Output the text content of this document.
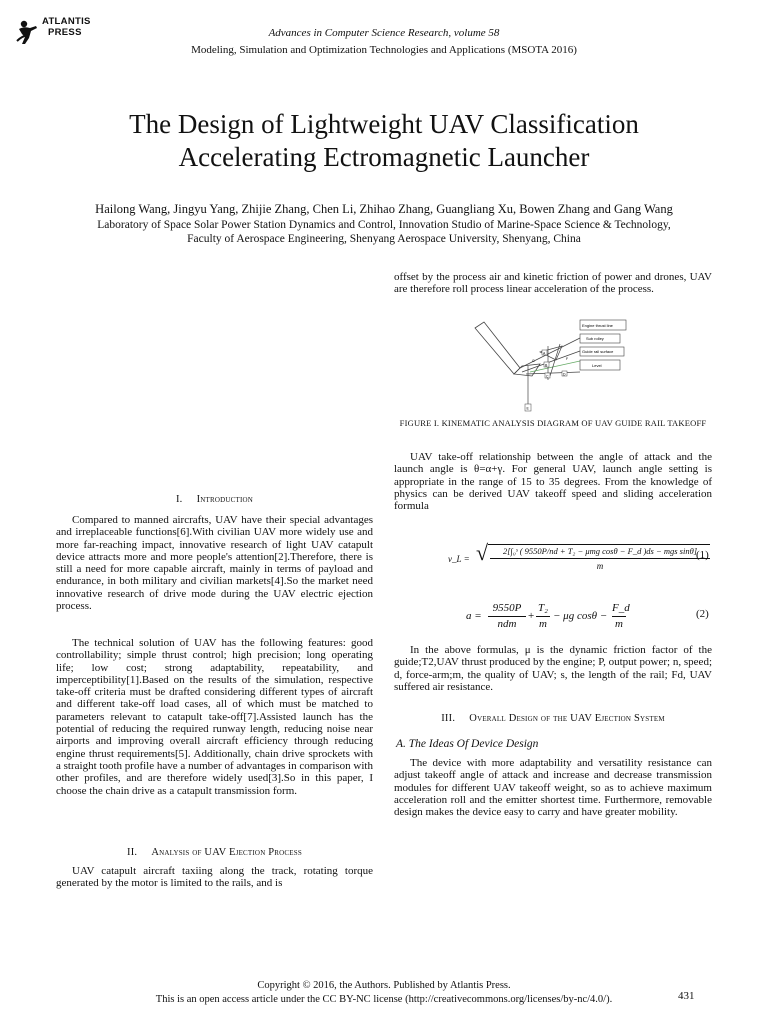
ATLANTIS
PRESS	Advances in Computer Science Research, volume 58
Modeling, Simulation and Optimization Technologies and Applications (MSOTA 2016)
The Design of Lightweight UAV Classification
Accelerating Ectromagnetic Launcher
Hailong Wang, Jingyu Yang, Zhijie Zhang, Chen Li, Zhihao Zhang, Guangliang Xu, Bowen Zhang and Gang Wang
Laboratory of Space Solar Power Station Dynamics and Control, Innovation Studio of Marine-Space Science & Technology,
Faculty of Aerospace Engineering, Shenyang Aerospace University, Shenyang, China
I. Introduction

Compared to manned aircrafts, UAV have their special advantages and irreplaceable functions[6].With civilian UAV more widely use and more far-reaching impact, innovative research of light UAV catapult device attracts more and more people's attention[2].Therefore, there is still a need for more capable aircraft, mainly in terms of payload and endurance, in both military and civilian markets[4].So the market need innovative research of drive mode during the UAV electric ejection process.

The technical solution of UAV has the following features: good controllability; simple thrust control; high precision; long operating life; low cost; strong adaptability, repeatability, and imperceptibility[1].Based on the results of the simulation, respective take-off criteria must be drafted considering different types of aircraft and different take-off load cases, all of which must be matched to parameters relevant to catapult take-off[7].Assisted launch has the potential of reducing the required runway length, reducing noise near airports and improving overall aircraft efficiency through reducing engine thrust requirements[5]. Additionally, chain drive sprockets with a straight tooth profile have a number of advantages in comparison with other profiles, and are therefore widely used[3].So in this paper, I choose the chain drive as a catapult transmission form.

II. Analysis of UAV Ejection Process

UAV catapult aircraft taxiing along the track, rotating torque generated by the motor is limited to the rails, and is

offset by the process air and kinetic friction of power and drones, UAV are therefore roll process linear acceleration of the process.

Engine thrust line
Sub rolley
Guide rail surface
Level
A
B
C	D
E
F
G
FIGURE I. KINEMATIC ANALYSIS DIAGRAM OF UAV GUIDE RAIL TAKEOFF

UAV take-off relationship between the angle of attack and the launch angle is θ=α+γ. For general UAV, launch angle setting is appropriate in the range of 15 to 35 degrees. From the knowledge of physics can be derived UAV takeoff speed and sliding acceleration formula

v_L = √	2[∫₀ˢ ( 9550P/nd + T₂ − μmg cosθ − F_d )ds − mgs sinθ]
m
(1)
a =
9550P
ndm
+
T₂
m
− μg cosθ −
F_d
m
(2)

In the above formulas, μ is the dynamic friction factor of the guide;T2,UAV thrust produced by the engine; P, output power; n, speed; d, force-arm;m, the quality of UAV; s, the length of the rail; Fd, UAV suffered air resistance.

III. Overall Design of the UAV Ejection System
A. The Ideas Of Device Design

The device with more adaptability and versatility resistance can adjust takeoff angle of attack and increase and decrease transmission modules for different UAV takeoff weight, so as to achieve maximum acceleration roll and the emitter shortest time. Furthermore, removable design makes the device easy to carry and have greater mobility.

Copyright © 2016, the Authors. Published by Atlantis Press.
This is an open access article under the CC BY-NC license (http://creativecommons.org/licenses/by-nc/4.0/).	431
